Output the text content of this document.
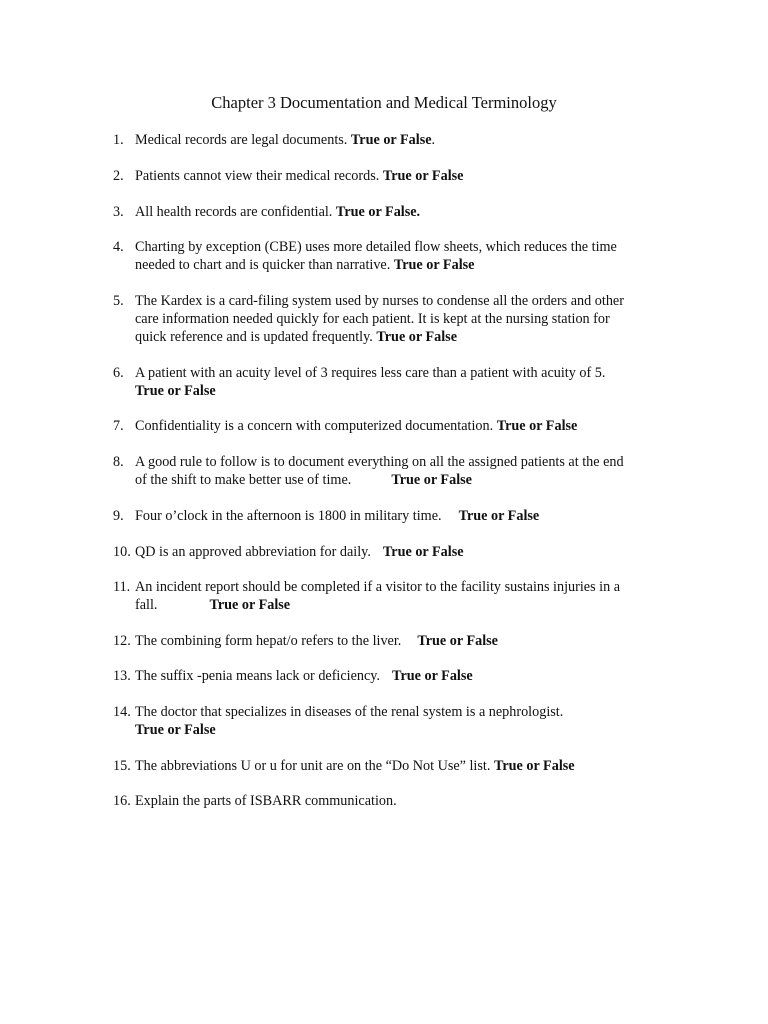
Chapter 3 Documentation and Medical Terminology
1. Medical records are legal documents. True or False.
2. Patients cannot view their medical records. True or False
3. All health records are confidential. True or False.
4. Charting by exception (CBE) uses more detailed flow sheets, which reduces the time
needed to chart and is quicker than narrative. True or False
5. The Kardex is a card-filing system used by nurses to condense all the orders and other
care information needed quickly for each patient. It is kept at the nursing station for
quick reference and is updated frequently. True or False
6. A patient with an acuity level of 3 requires less care than a patient with acuity of 5.
True or False
7. Confidentiality is a concern with computerized documentation. True or False
8. A good rule to follow is to document everything on all the assigned patients at the end
of the shift to make better use of time.	True or False
9. Four o’clock in the afternoon is 1800 in military time. True or False
10. QD is an approved abbreviation for daily. True or False
11. An incident report should be completed if a visitor to the facility sustains injuries in a
fall.	True or False
12. The combining form hepat/o refers to the liver. True or False
13. The suffix -penia means lack or deficiency. True or False
14. The doctor that specializes in diseases of the renal system is a nephrologist.
True or False
15. The abbreviations U or u for unit are on the “Do Not Use” list. True or False
16. Explain the parts of ISBARR communication.
